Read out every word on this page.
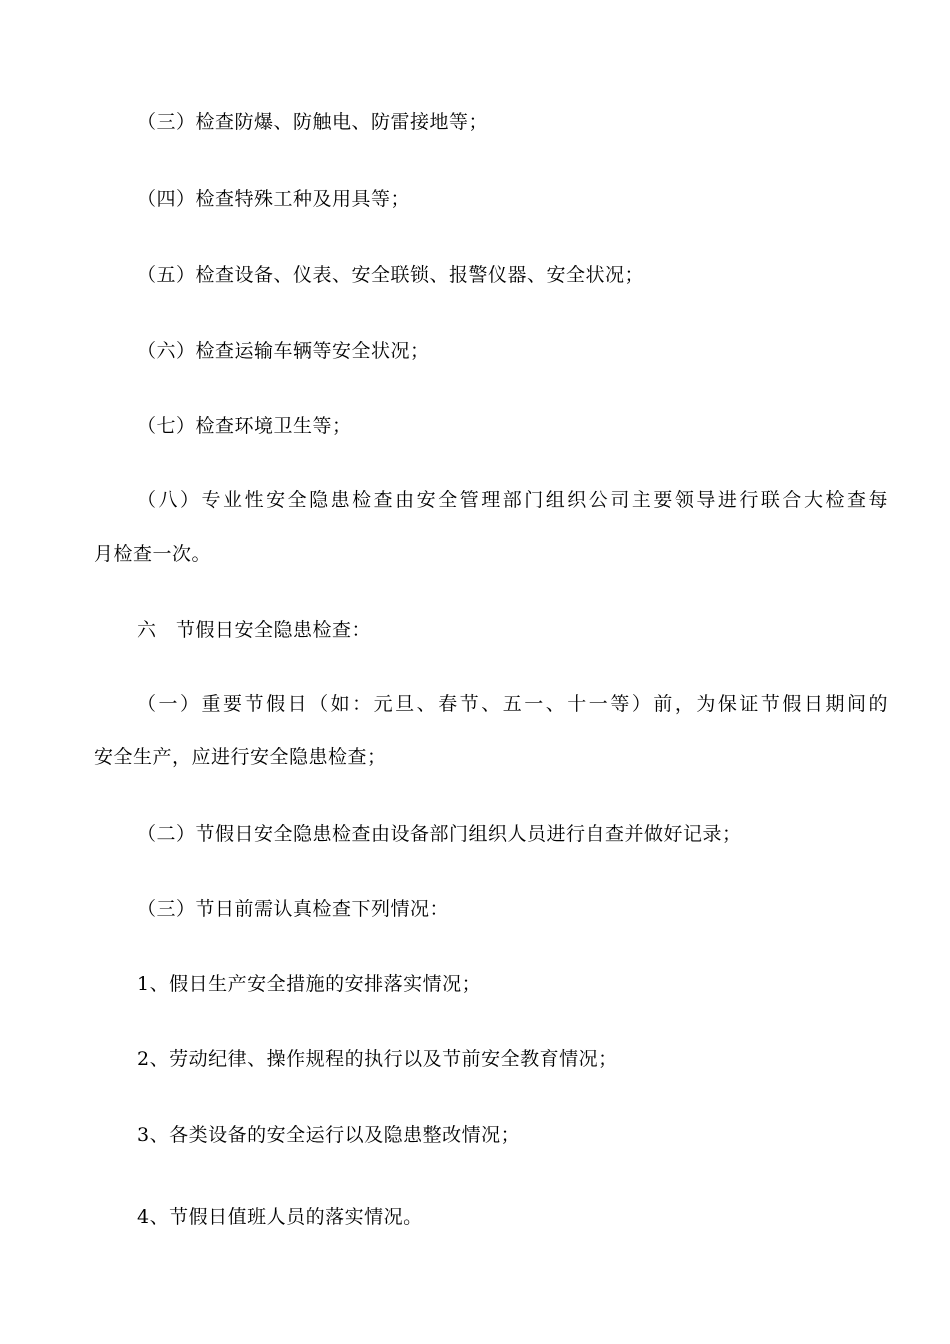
（三）检查防爆、防触电、防雷接地等；
（四）检查特殊工种及用具等；
（五）检查设备、仪表、安全联锁、报警仪器、安全状况；
（六）检查运输车辆等安全状况；
（七）检查环境卫生等；
（八）专业性安全隐患检查由安全管理部门组织公司主要领导进行联合大检查每
月检查一次。
六　节假日安全隐患检查：
（一）重要节假日（如：元旦、春节、五一、十一等）前，为保证节假日期间的
安全生产，应进行安全隐患检查；
（二）节假日安全隐患检查由设备部门组织人员进行自查并做好记录；
（三）节日前需认真检查下列情况：
1、假日生产安全措施的安排落实情况；
2、劳动纪律、操作规程的执行以及节前安全教育情况；
3、各类设备的安全运行以及隐患整改情况；
4、节假日值班人员的落实情况。
